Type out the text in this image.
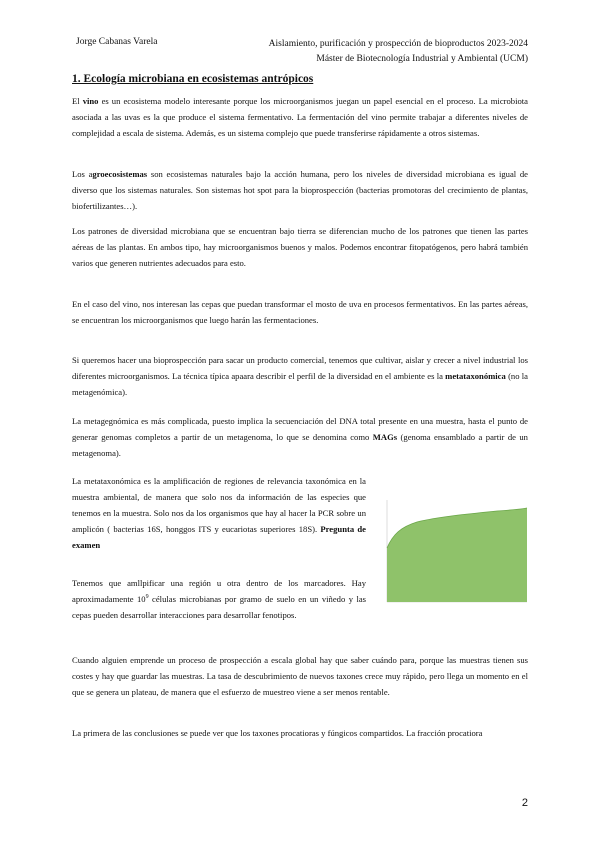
Jorge Cabanas Varela	Aislamiento, purificación y prospección de bioproductos 2023-2024
Máster de Biotecnología Industrial y Ambiental (UCM)
1. Ecología microbiana en ecosistemas antrópicos

El vino es un ecosistema modelo interesante porque los microorganismos juegan un papel esencial en el proceso. La microbiota asociada a las uvas es la que produce el sistema fermentativo. La fermentación del vino permite trabajar a diferentes niveles de complejidad a escala de sistema. Además, es un sistema complejo que puede transferirse rápidamente a otros sistemas.

Los agroecosistemas son ecosistemas naturales bajo la acción humana, pero los niveles de diversidad microbiana es igual de diverso que los sistemas naturales. Son sistemas hot spot para la bioprospección (bacterias promotoras del crecimiento de plantas, biofertilizantes…).

Los patrones de diversidad microbiana que se encuentran bajo tierra se diferencian mucho de los patrones que tienen las partes aéreas de las plantas. En ambos tipo, hay microorganismos buenos y malos. Podemos encontrar fitopatógenos, pero habrá también varios que generen nutrientes adecuados para esto.

En el caso del vino, nos interesan las cepas que puedan transformar el mosto de uva en procesos fermentativos. En las partes aéreas, se encuentran los microorganismos que luego harán las fermentaciones.

Si queremos hacer una bioprospección para sacar un producto comercial, tenemos que cultivar, aislar y crecer a nivel industrial los diferentes microorganismos. La técnica típica apaara describir el perfil de la diversidad en el ambiente es la metataxonómica (no la metagenómica).

La metagegnómica es más complicada, puesto implica la secuenciación del DNA total presente en una muestra, hasta el punto de generar genomas completos a partir de un metagenoma, lo que se denomina como MAGs (genoma ensamblado a partir de un metagenoma).

La metataxonómica es la amplificación de regiones de relevancia taxonómica en la muestra ambiental, de manera que solo nos da información de las especies que tenemos en la muestra. Solo nos da los organismos que hay al hacer la PCR sobre un amplicón ( bacterias 16S, honggos ITS y eucariotas superiores 18S). Pregunta de examen

Tenemos que amllpificar una región u otra dentro de los marcadores. Hay aproximadamente $10^9$ células microbianas por gramo de suelo en un viñedo y las cepas pueden desarrollar interacciones para desarrollar fenotipos.

Cuando alguien emprende un proceso de prospección a escala global hay que saber cuándo para, porque las muestras tienen sus costes y hay que guardar las muestras. La tasa de descubrimiento de nuevos taxones crece muy rápido, pero llega un momento en el que se genera un plateau, de manera que el esfuerzo de muestreo viene a ser menos rentable.

La primera de las conclusiones se puede ver que los taxones procatioras y fúngicos compartidos. La fracción procatiora

2
